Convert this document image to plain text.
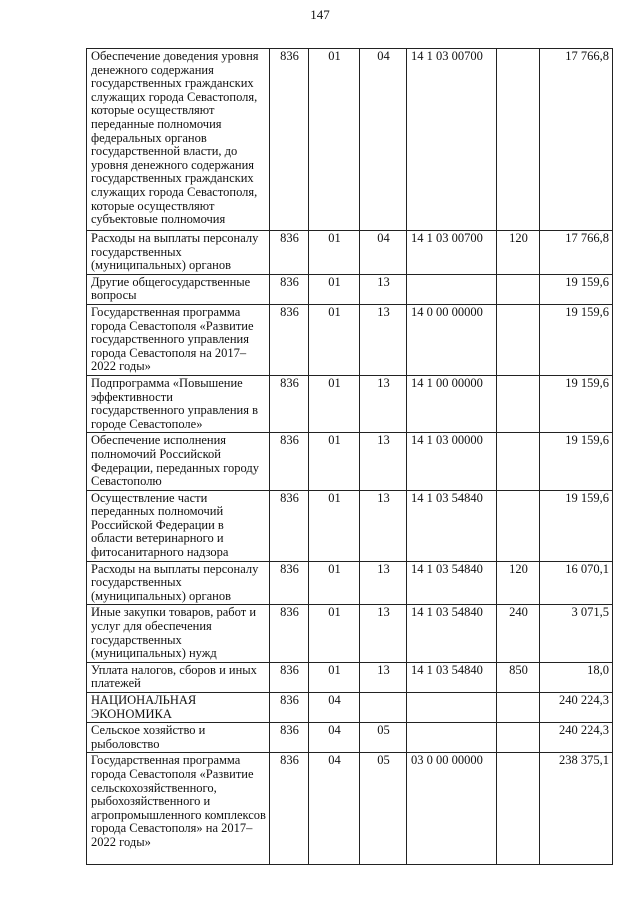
147
Обеспечение доведения уровня денежного содержания государственных гражданских служащих города Севастополя, которые осуществляют переданные полномочия федеральных органов государственной власти, до уровня денежного содержания государственных гражданских служащих города Севастополя, которые осуществляют субъектовые полномочия	836	01	04	14 1 03 00700		17 766,8
Расходы на выплаты персоналу государственных (муниципальных) органов	836	01	04	14 1 03 00700	120	17 766,8
Другие общегосударственные вопросы	836	01	13			19 159,6
Государственная программа города Севастополя «Развитие государственного управления города Севастополя на 2017–2022 годы»	836	01	13	14 0 00 00000		19 159,6
Подпрограмма «Повышение эффективности государственного управления в городе Севастополе»	836	01	13	14 1 00 00000		19 159,6
Обеспечение исполнения полномочий Российской Федерации, переданных городу Севастополю	836	01	13	14 1 03 00000		19 159,6
Осуществление части переданных полномочий Российской Федерации в области ветеринарного и фитосанитарного надзора	836	01	13	14 1 03 54840		19 159,6
Расходы на выплаты персоналу государственных (муниципальных) органов	836	01	13	14 1 03 54840	120	16 070,1
Иные закупки товаров, работ и услуг для обеспечения государственных (муниципальных) нужд	836	01	13	14 1 03 54840	240	3 071,5
Уплата налогов, сборов и иных платежей	836	01	13	14 1 03 54840	850	18,0
НАЦИОНАЛЬНАЯ ЭКОНОМИКА	836	04				240 224,3
Сельское хозяйство и рыболовство	836	04	05			240 224,3
Государственная программа города Севастополя «Развитие сельскохозяйственного, рыбохозяйственного и агропромышленного комплексов города Севастополя» на 2017–2022 годы»	836	04	05	03 0 00 00000		238 375,1
